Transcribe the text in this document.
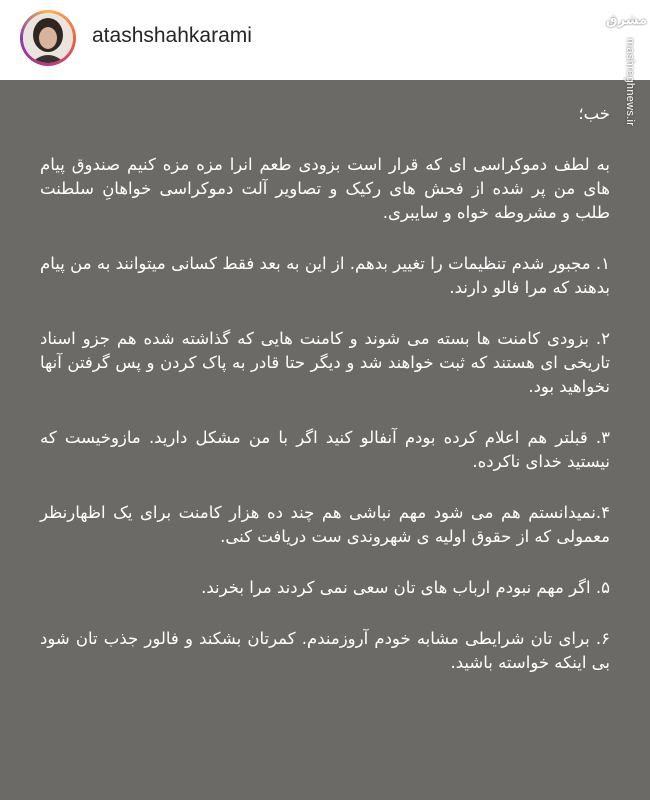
atashshahkarami

خب؛

به لطف دموکراسی ای که قرار است بزودی طعم انرا مزه مزه کنیم صندوق پیام های من پر شده از فحش های رکیک و تصاویر آلت دموکراسی خواهانِ سلطنت طلب و مشروطه خواه و سایبری.

۱. مجبور شدم تنظیمات را تغییر بدهم. از این به بعد فقط کسانی میتوانند به من پیام بدهند که مرا فالو دارند.

۲. بزودی کامنت ها بسته می شوند و کامنت هایی که گذاشته شده هم جزو اسناد تاریخی ای هستند که ثبت خواهند شد و دیگر حتا قادر به پاک کردن و پس گرفتن آنها نخواهید بود.

۳. قبلتر هم اعلام کرده بودم آنفالو کنید اگر با من مشکل دارید. مازوخیست که نیستید خدای ناکرده.

۴.نمیدانستم هم می شود مهم نباشی هم چند ده هزار کامنت برای یک اظهارنظر معمولی که از حقوق اولیه ی شهروندی ست دریافت کنی.

۵. اگر مهم نبودم ارباب های تان سعی نمی کردند مرا بخرند.

۶. برای تان شرایطی مشابه خودم آروزمندم. کمرتان بشکند و فالور جذب تان شود بی اینکه خواسته باشید.

مشرق
mashreghnews.ir
